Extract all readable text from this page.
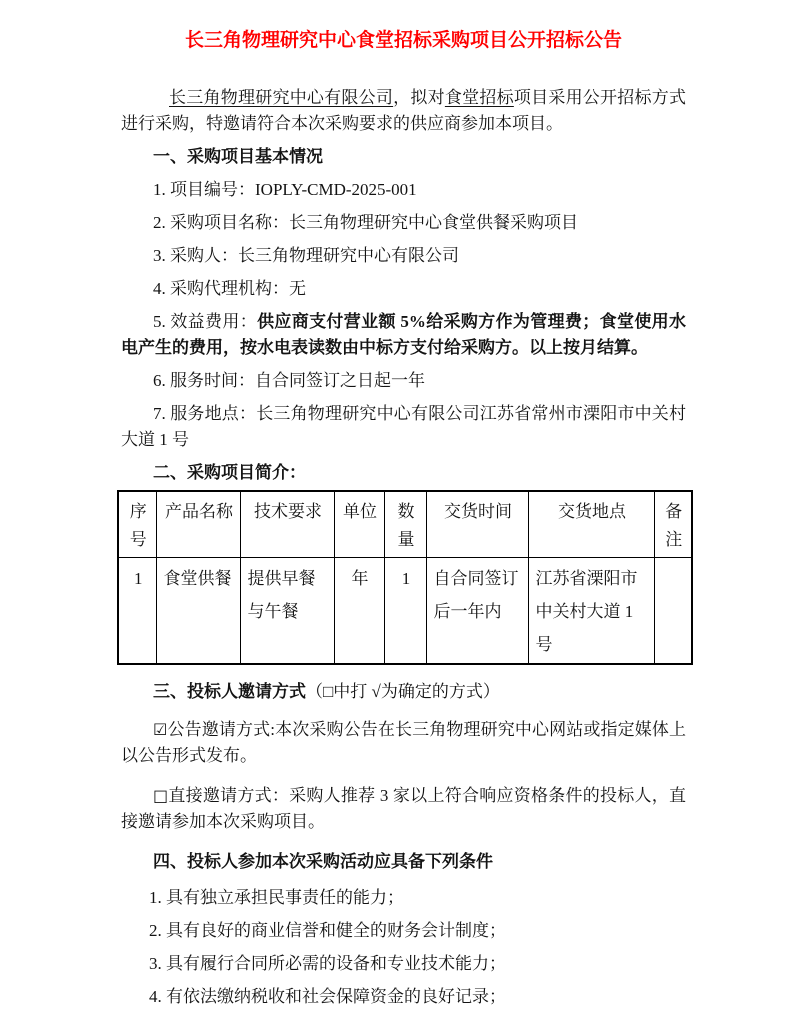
长三角物理研究中心食堂招标采购项目公开招标公告

长三角物理研究中心有限公司，拟对食堂招标项目采用公开招标方式进行采购，特邀请符合本次采购要求的供应商参加本项目。

一、采购项目基本情况

1. 项目编号：IOPLY-CMD-2025-001

2. 采购项目名称：长三角物理研究中心食堂供餐采购项目

3. 采购人：长三角物理研究中心有限公司

4. 采购代理机构：无

5. 效益费用：供应商支付营业额 5%给采购方作为管理费；食堂使用水电产生的费用，按水电表读数由中标方支付给采购方。以上按月结算。

6. 服务时间：自合同签订之日起一年

7. 服务地点：长三角物理研究中心有限公司江苏省常州市溧阳市中关村大道 1 号

二、采购项目简介：

序号	产品名称	技术要求	单位	数量	交货时间	交货地点	备注
1	食堂供餐	提供早餐与午餐	年	1	自合同签订后一年内	江苏省溧阳市中关村大道 1 号	

三、投标人邀请方式（□中打 √为确定的方式）

☑公告邀请方式:本次采购公告在长三角物理研究中心网站或指定媒体上以公告形式发布。

□直接邀请方式：采购人推荐 3 家以上符合响应资格条件的投标人，直接邀请参加本次采购项目。

四、投标人参加本次采购活动应具备下列条件

1. 具有独立承担民事责任的能力；

2. 具有良好的商业信誉和健全的财务会计制度；

3. 具有履行合同所必需的设备和专业技术能力；

4. 有依法缴纳税收和社会保障资金的良好记录；
